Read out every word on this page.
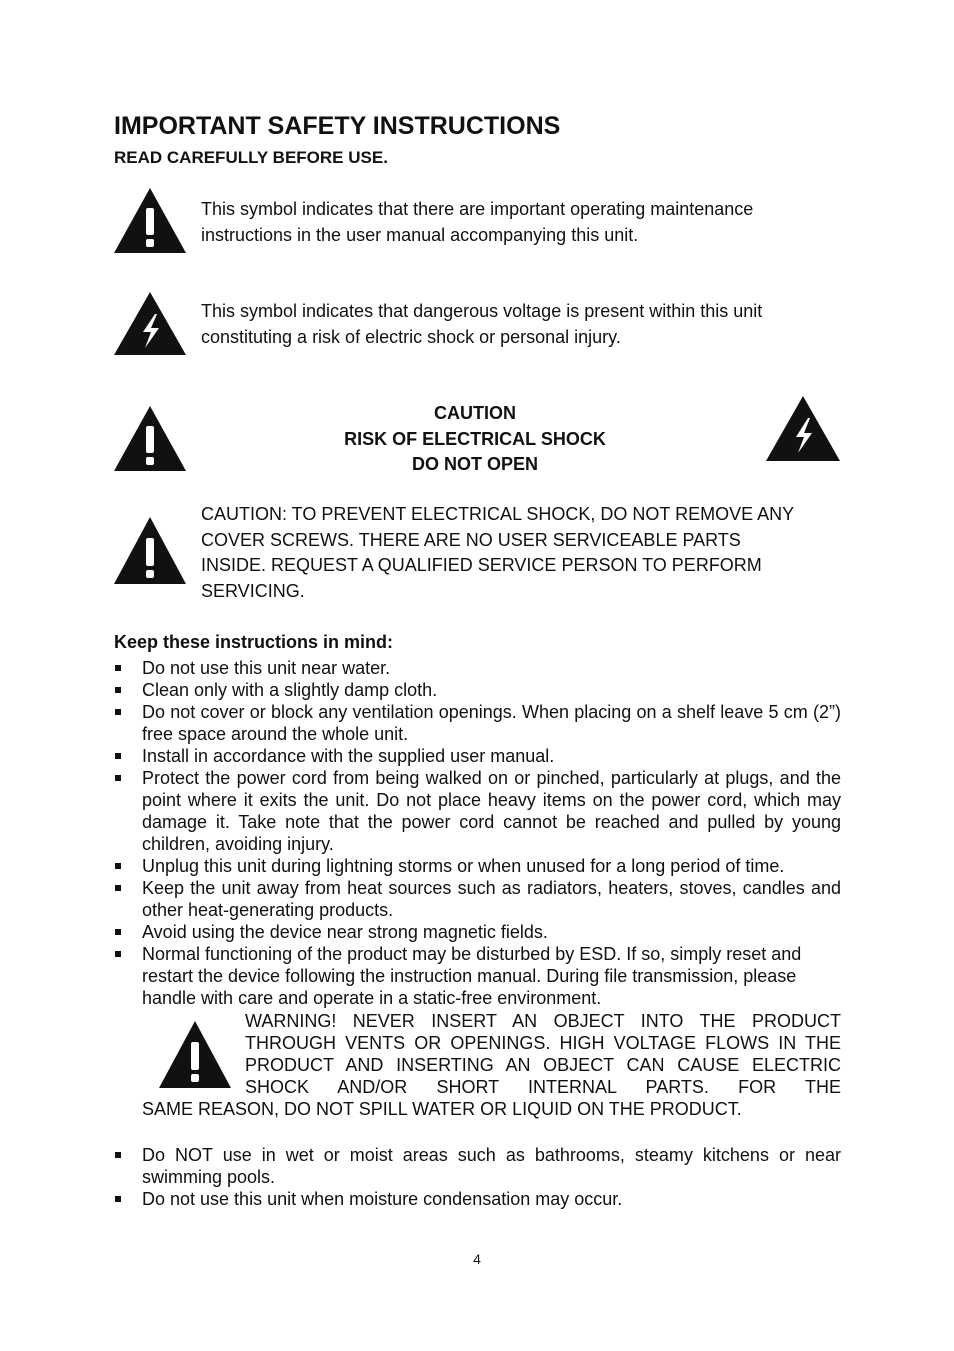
IMPORTANT SAFETY INSTRUCTIONS
READ CAREFULLY BEFORE USE.
This symbol indicates that there are important operating maintenance
instructions in the user manual accompanying this unit.
This symbol indicates that dangerous voltage is present within this unit
constituting a risk of electric shock or personal injury.
CAUTION
RISK OF ELECTRICAL SHOCK
DO NOT OPEN
CAUTION: TO PREVENT ELECTRICAL SHOCK, DO NOT REMOVE ANY
COVER SCREWS. THERE ARE NO USER SERVICEABLE PARTS
INSIDE. REQUEST A QUALIFIED SERVICE PERSON TO PERFORM
SERVICING.
Keep these instructions in mind:
Do not use this unit near water.
Clean only with a slightly damp cloth.
Do not cover or block any ventilation openings. When placing on a shelf leave 5 cm (2”) free space around the whole unit.
Install in accordance with the supplied user manual.
Protect the power cord from being walked on or pinched, particularly at plugs, and the point where it exits the unit. Do not place heavy items on the power cord, which may damage it. Take note that the power cord cannot be reached and pulled by young children, avoiding injury.
Unplug this unit during lightning storms or when unused for a long period of time.
Keep the unit away from heat sources such as radiators, heaters, stoves, candles and other heat-generating products.
Avoid using the device near strong magnetic fields.
Normal functioning of the product may be disturbed by ESD. If so, simply reset and restart the device following the instruction manual. During file transmission, please handle with care and operate in a static-free environment.
WARNING! NEVER INSERT AN OBJECT INTO THE PRODUCT THROUGH VENTS OR OPENINGS. HIGH VOLTAGE FLOWS IN THE PRODUCT AND INSERTING AN OBJECT CAN CAUSE ELECTRIC SHOCK AND/OR SHORT INTERNAL PARTS. FOR THE
SAME REASON, DO NOT SPILL WATER OR LIQUID ON THE PRODUCT.
Do NOT use in wet or moist areas such as bathrooms, steamy kitchens or near swimming pools.
Do not use this unit when moisture condensation may occur.
4
